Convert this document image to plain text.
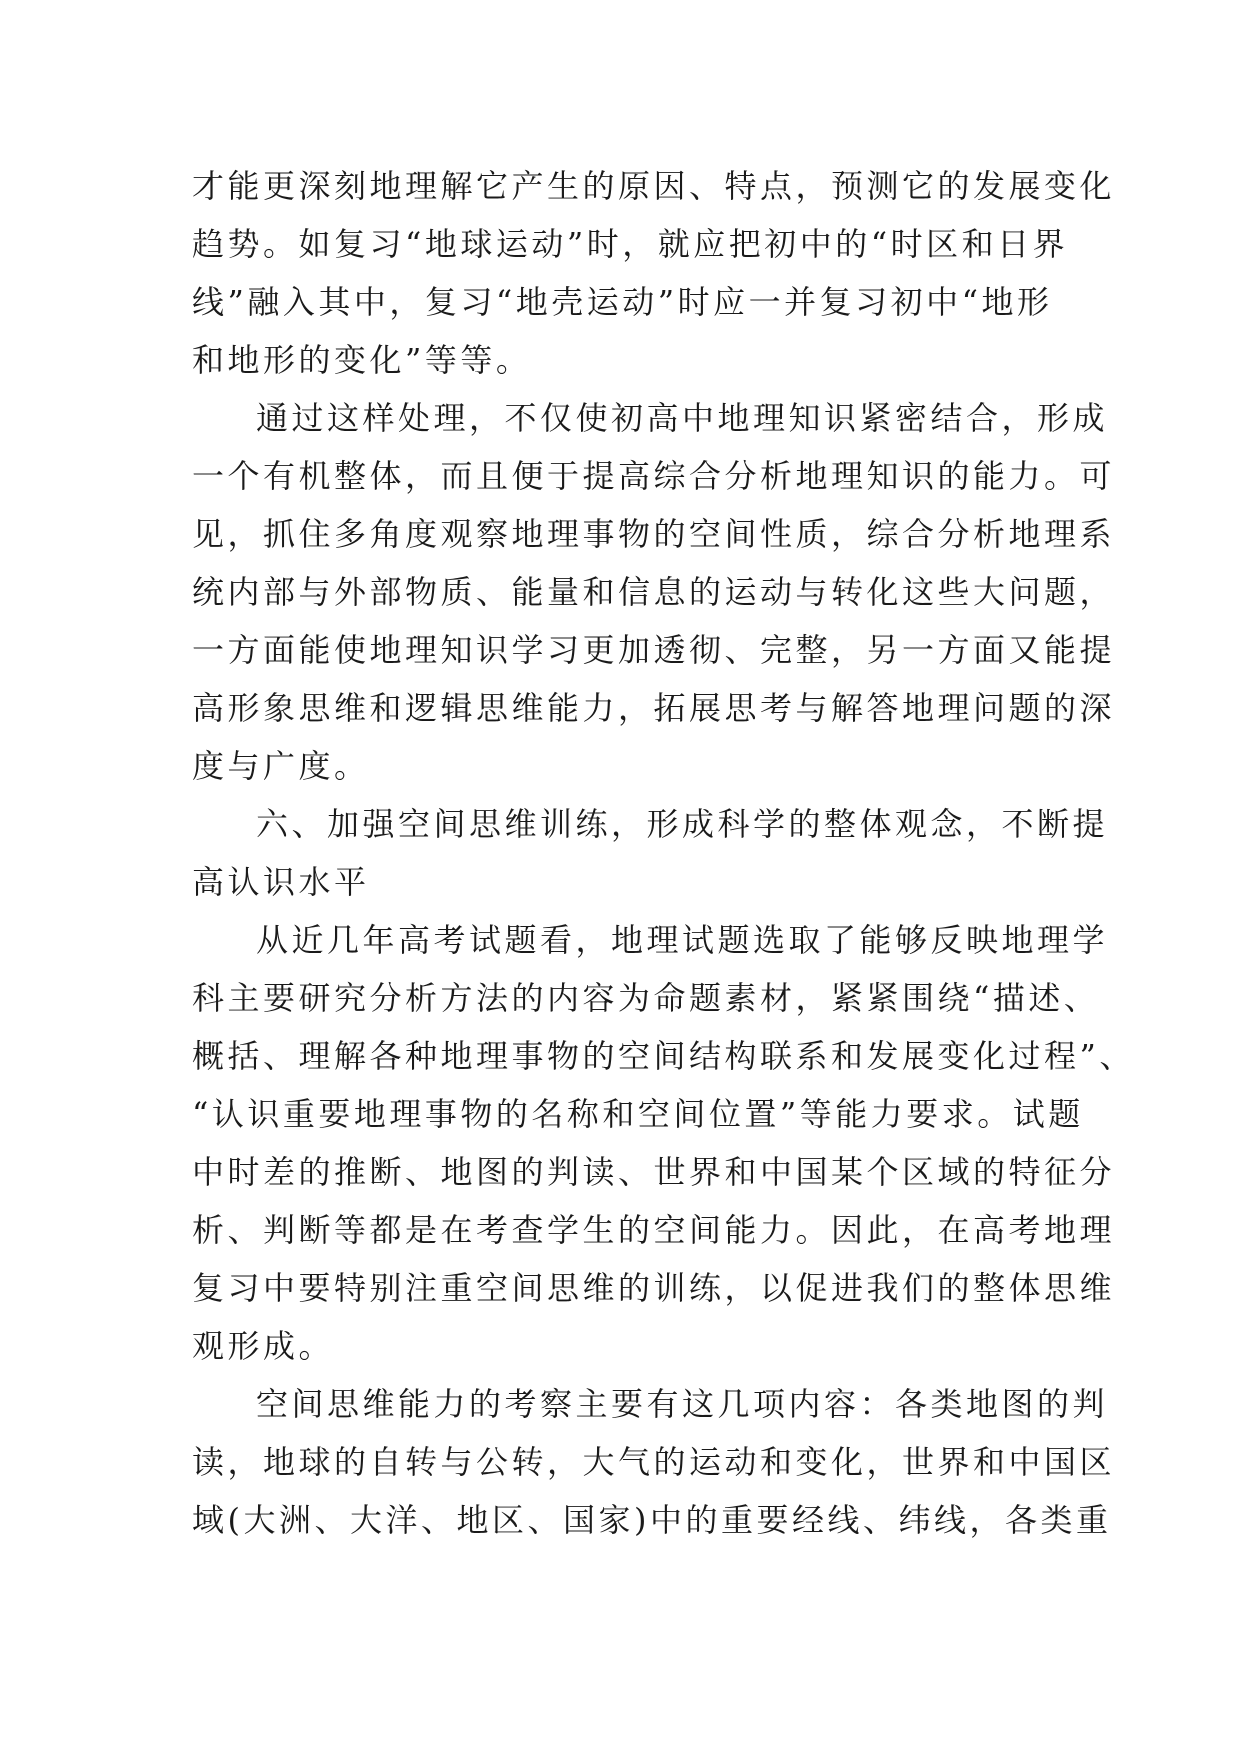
才能更深刻地理解它产生的原因、特点，预测它的发展变化

趋势。如复习“地球运动”时，就应把初中的“时区和日界

线”融入其中，复习“地壳运动”时应一并复习初中“地形

和地形的变化”等等。

通过这样处理，不仅使初高中地理知识紧密结合，形成

一个有机整体，而且便于提高综合分析地理知识的能力。可

见，抓住多角度观察地理事物的空间性质，综合分析地理系

统内部与外部物质、能量和信息的运动与转化这些大问题，

一方面能使地理知识学习更加透彻、完整，另一方面又能提

高形象思维和逻辑思维能力，拓展思考与解答地理问题的深

度与广度。

六、加强空间思维训练，形成科学的整体观念，不断提

高认识水平

从近几年高考试题看，地理试题选取了能够反映地理学

科主要研究分析方法的内容为命题素材，紧紧围绕“描述、

概括、理解各种地理事物的空间结构联系和发展变化过程”、

“认识重要地理事物的名称和空间位置”等能力要求。试题

中时差的推断、地图的判读、世界和中国某个区域的特征分

析、判断等都是在考查学生的空间能力。因此，在高考地理

复习中要特别注重空间思维的训练，以促进我们的整体思维

观形成。

空间思维能力的考察主要有这几项内容：各类地图的判

读，地球的自转与公转，大气的运动和变化，世界和中国区

域(大洲、大洋、地区、国家)中的重要经线、纬线，各类重
